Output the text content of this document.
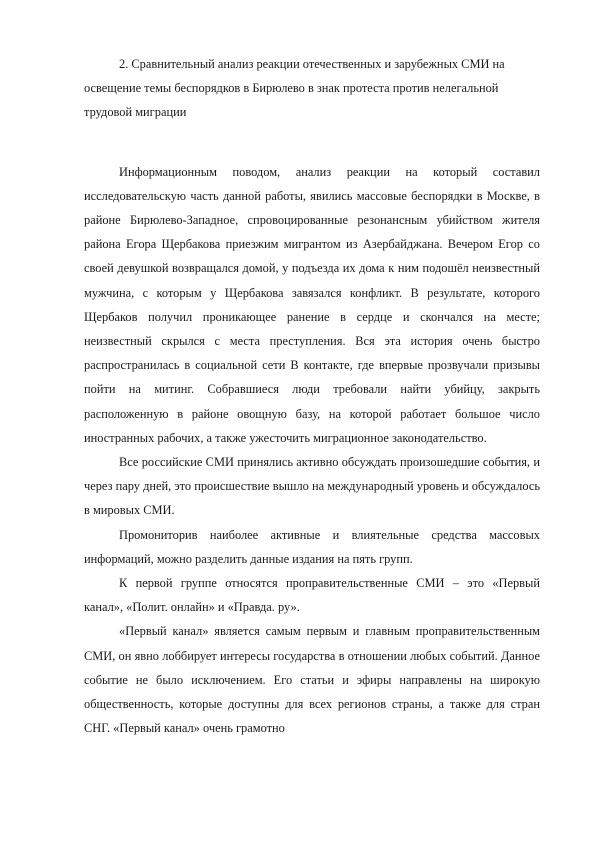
2. Сравнительный анализ реакции отечественных и зарубежных СМИ на освещение темы беспорядков в Бирюлево в знак протеста против нелегальной трудовой миграции

Информационным поводом, анализ реакции на который составил исследовательскую часть данной работы, явились массовые беспорядки в Москве, в районе Бирюлево-Западное, спровоцированные резонансным убийством жителя района Егора Щербакова приезжим мигрантом из Азербайджана. Вечером Егор со своей девушкой возвращался домой, у подъезда их дома к ним подошёл неизвестный мужчина, с которым у Щербакова завязался конфликт. В результате, которого Щербаков получил проникающее ранение в сердце и скончался на месте; неизвестный скрылся с места преступления. Вся эта история очень быстро распространилась в социальной сети В контакте, где впервые прозвучали призывы пойти на митинг. Собравшиеся люди требовали найти убийцу, закрыть расположенную в районе овощную базу, на которой работает большое число иностранных рабочих, а также ужесточить миграционное законодательство.

Все российские СМИ принялись активно обсуждать произошедшие события, и через пару дней, это происшествие вышло на международный уровень и обсуждалось в мировых СМИ.

Промониторив наиболее активные и влиятельные средства массовых информаций, можно разделить данные издания на пять групп.

К первой группе относятся проправительственные СМИ – это «Первый канал», «Полит. онлайн» и «Правда. ру».

«Первый канал» является самым первым и главным проправительственным СМИ, он явно лоббирует интересы государства в отношении любых событий. Данное событие не было исключением. Его статьи и эфиры направлены на широкую общественность, которые доступны для всех регионов страны, а также для стран СНГ. «Первый канал» очень грамотно
